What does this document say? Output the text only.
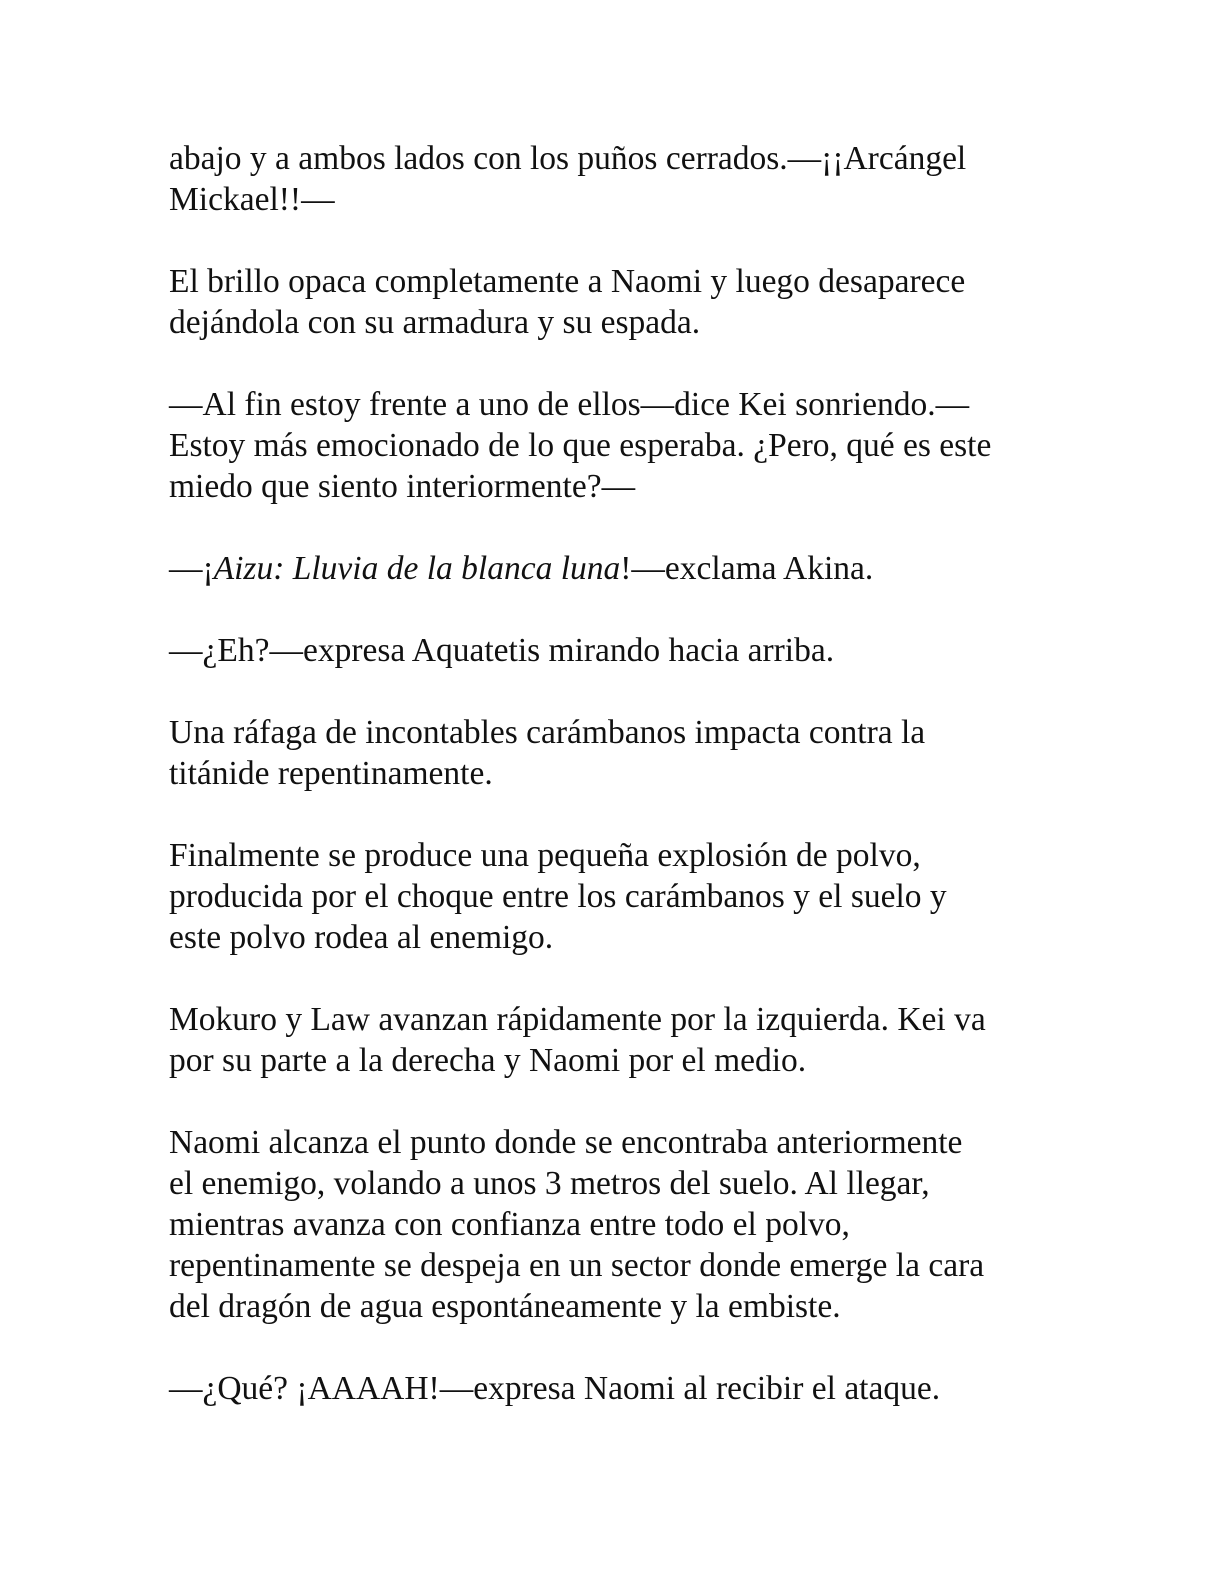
abajo y a ambos lados con los puños cerrados.—¡¡Arcángel
Mickael!!—

El brillo opaca completamente a Naomi y luego desaparece
dejándola con su armadura y su espada.

—Al fin estoy frente a uno de ellos—dice Kei sonriendo.—
Estoy más emocionado de lo que esperaba. ¿Pero, qué es este
miedo que siento interiormente?—

—¡Aizu: Lluvia de la blanca luna!—exclama Akina.

—¿Eh?—expresa Aquatetis mirando hacia arriba.

Una ráfaga de incontables carámbanos impacta contra la
titánide repentinamente.

Finalmente se produce una pequeña explosión de polvo,
producida por el choque entre los carámbanos y el suelo y
este polvo rodea al enemigo.

Mokuro y Law avanzan rápidamente por la izquierda. Kei va
por su parte a la derecha y Naomi por el medio.

Naomi alcanza el punto donde se encontraba anteriormente
el enemigo, volando a unos 3 metros del suelo. Al llegar,
mientras avanza con confianza entre todo el polvo,
repentinamente se despeja en un sector donde emerge la cara
del dragón de agua espontáneamente y la embiste.

—¿Qué? ¡AAAAH!—expresa Naomi al recibir el ataque.
